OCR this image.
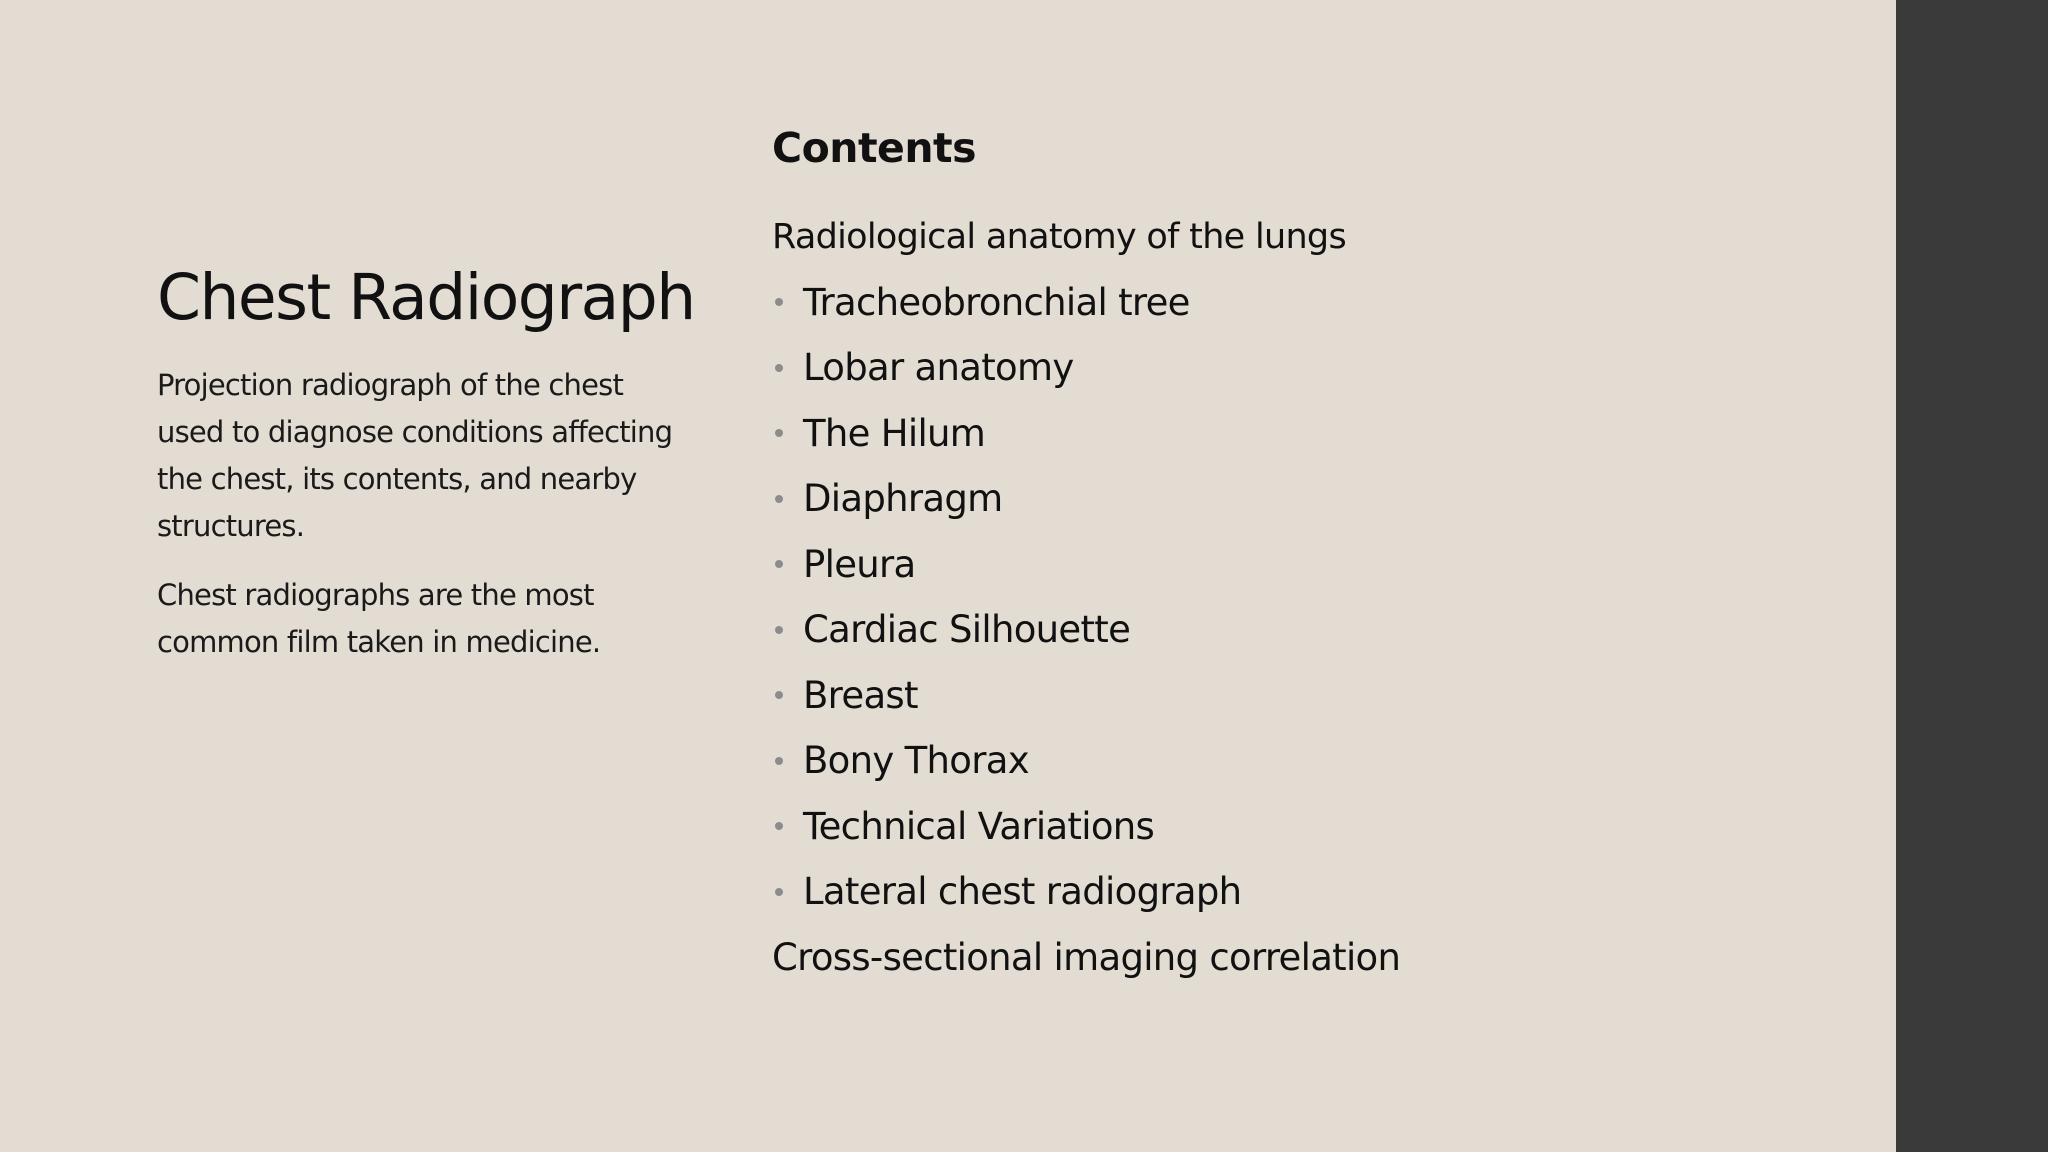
Chest Radiograph

Projection radiograph of the chest used to diagnose conditions affecting the chest, its contents, and nearby structures.

Chest radiographs are the most common film taken in medicine.

Contents
Radiological anatomy of the lungs
Tracheobronchial tree
Lobar anatomy
The Hilum
Diaphragm
Pleura
Cardiac Silhouette
Breast
Bony Thorax
Technical Variations
Lateral chest radiograph
Cross-sectional imaging correlation
